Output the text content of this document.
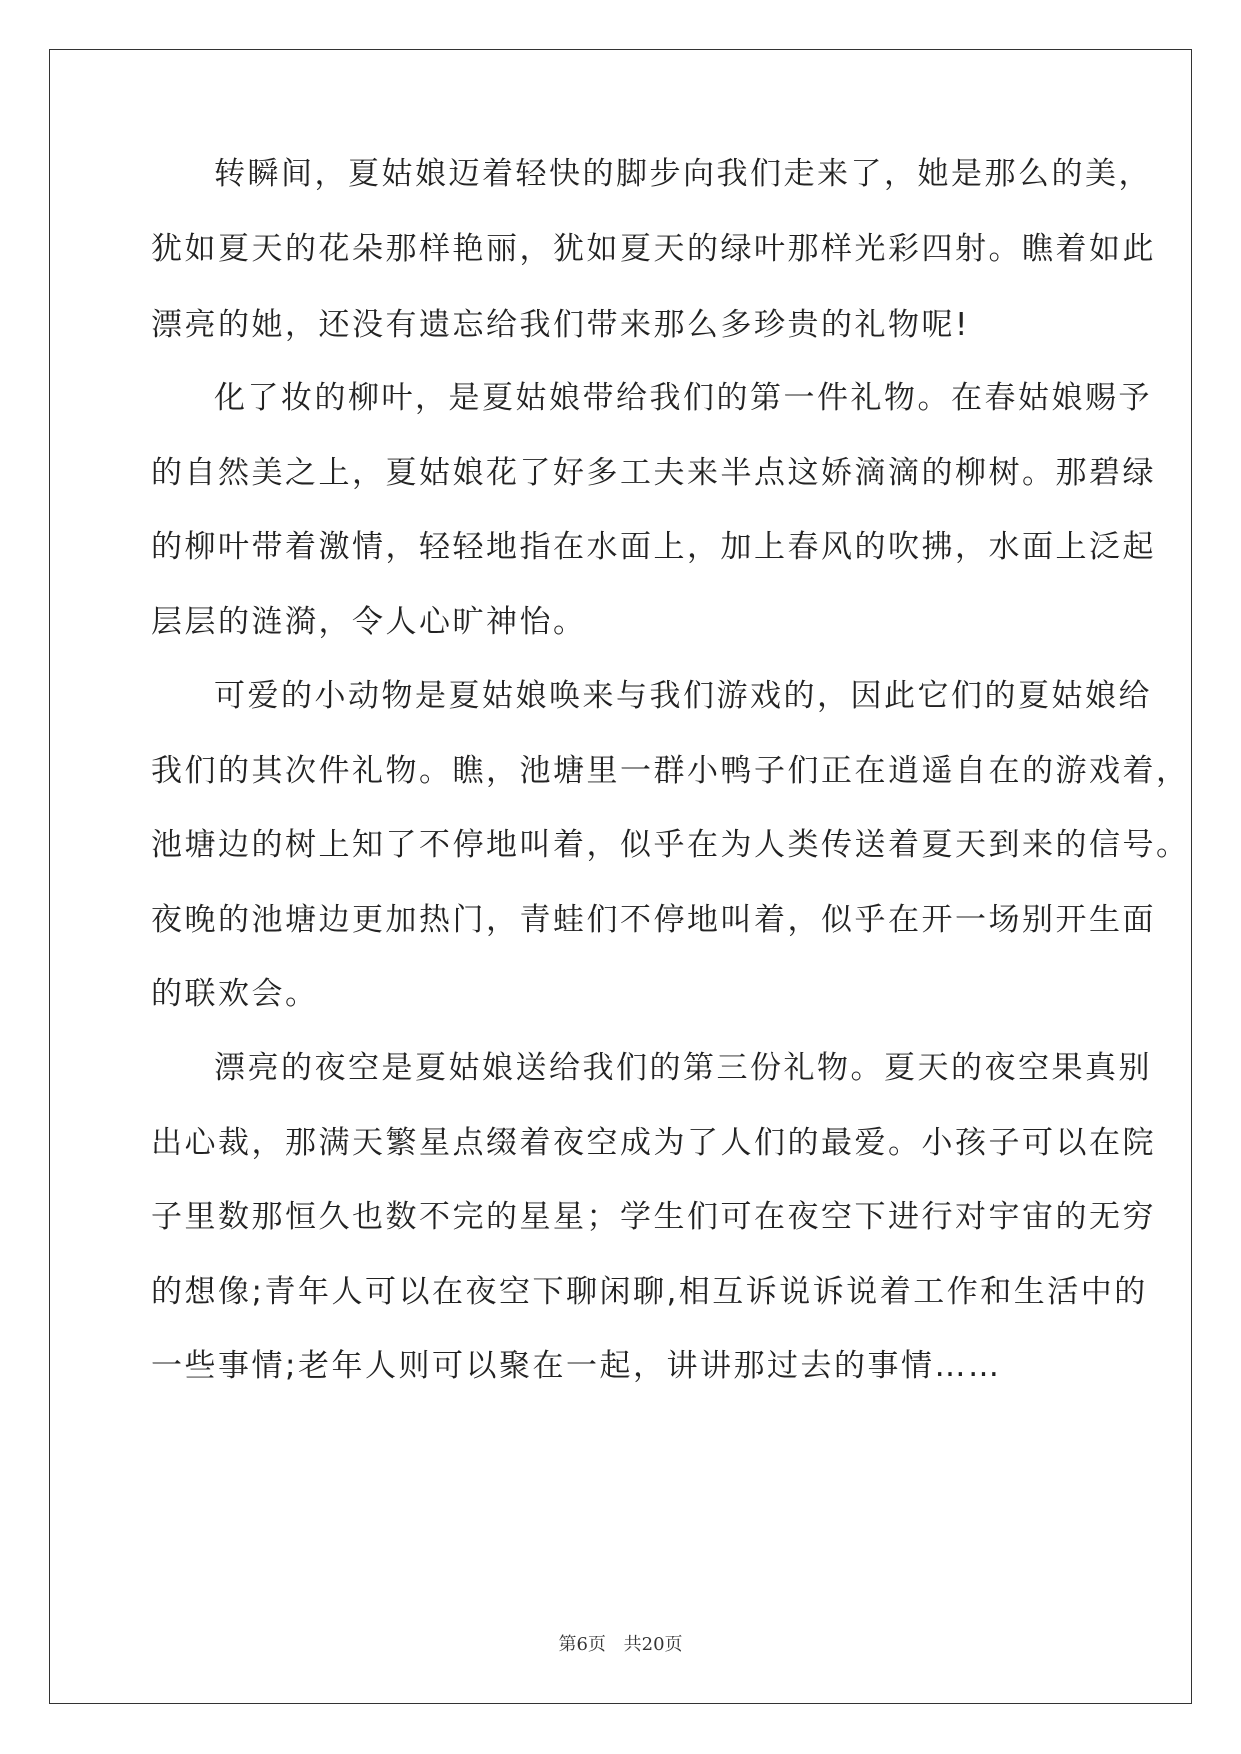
转瞬间，夏姑娘迈着轻快的脚步向我们走来了，她是那么的美，
犹如夏天的花朵那样艳丽，犹如夏天的绿叶那样光彩四射。瞧着如此
漂亮的她，还没有遗忘给我们带来那么多珍贵的礼物呢!
化了妆的柳叶，是夏姑娘带给我们的第一件礼物。在春姑娘赐予
的自然美之上，夏姑娘花了好多工夫来半点这娇滴滴的柳树。那碧绿
的柳叶带着激情，轻轻地指在水面上，加上春风的吹拂，水面上泛起
层层的涟漪，令人心旷神怡。
可爱的小动物是夏姑娘唤来与我们游戏的，因此它们的夏姑娘给
我们的其次件礼物。瞧，池塘里一群小鸭子们正在逍遥自在的游戏着，
池塘边的树上知了不停地叫着，似乎在为人类传送着夏天到来的信号。
夜晚的池塘边更加热门，青蛙们不停地叫着，似乎在开一场别开生面
的联欢会。
漂亮的夜空是夏姑娘送给我们的第三份礼物。夏天的夜空果真别
出心裁，那满天繁星点缀着夜空成为了人们的最爱。小孩子可以在院
子里数那恒久也数不完的星星；学生们可在夜空下进行对宇宙的无穷
的想像;青年人可以在夜空下聊闲聊,相互诉说诉说着工作和生活中的
一些事情;老年人则可以聚在一起，讲讲那过去的事情……
第6页 共20页
